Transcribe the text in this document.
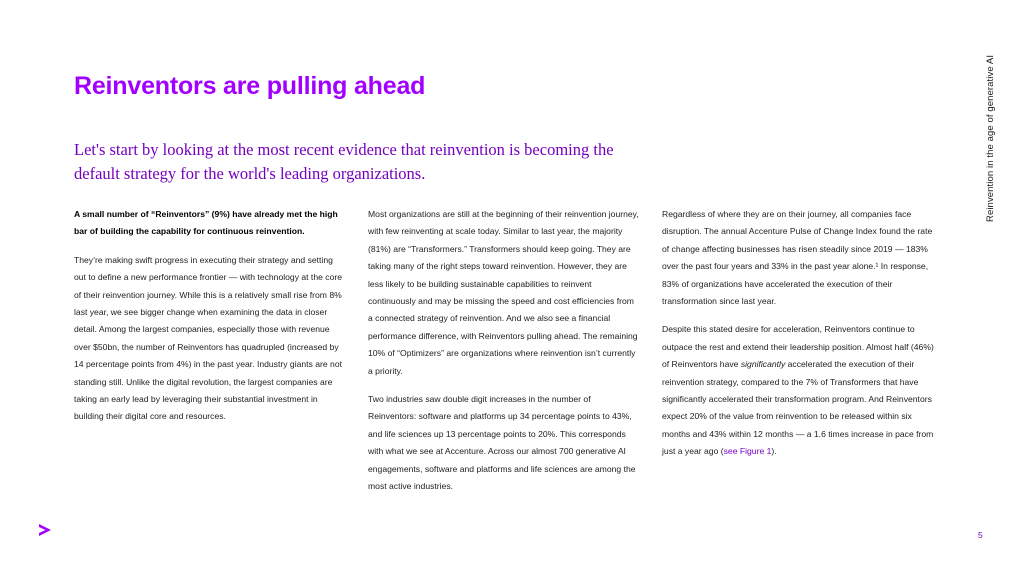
Reinventors are pulling ahead

Let's start by looking at the most recent evidence that reinvention is becoming the default strategy for the world's leading organizations.

A small number of “Reinventors” (9%) have already met the high bar of building the capability for continuous reinvention.

They’re making swift progress in executing their strategy and setting out to define a new performance frontier — with technology at the core of their reinvention journey. While this is a relatively small rise from 8% last year, we see bigger change when examining the data in closer detail. Among the largest companies, especially those with revenue over $50bn, the number of Reinventors has quadrupled (increased by 14 percentage points from 4%) in the past year. Industry giants are not standing still. Unlike the digital revolution, the largest companies are taking an early lead by leveraging their substantial investment in building their digital core and resources.

Most organizations are still at the beginning of their reinvention journey, with few reinventing at scale today. Similar to last year, the majority (81%) are “Transformers.” Transformers should keep going. They are taking many of the right steps toward reinvention. However, they are less likely to be building sustainable capabilities to reinvent continuously and may be missing the speed and cost efficiencies from a connected strategy of reinvention. And we also see a financial performance difference, with Reinventors pulling ahead. The remaining 10% of “Optimizers” are organizations where reinvention isn’t currently a priority.

Two industries saw double digit increases in the number of Reinventors: software and platforms up 34 percentage points to 43%, and life sciences up 13 percentage points to 20%. This corresponds with what we see at Accenture. Across our almost 700 generative AI engagements, software and platforms and life sciences are among the most active industries.

Regardless of where they are on their journey, all companies face disruption. The annual Accenture Pulse of Change Index found the rate of change affecting businesses has risen steadily since 2019 — 183% over the past four years and 33% in the past year alone.¹ In response, 83% of organizations have accelerated the execution of their transformation since last year.

Despite this stated desire for acceleration, Reinventors continue to outpace the rest and extend their leadership position. Almost half (46%) of Reinventors have significantly accelerated the execution of their reinvention strategy, compared to the 7% of Transformers that have significantly accelerated their transformation program. And Reinventors expect 20% of the value from reinvention to be released within six months and 43% within 12 months — a 1.6 times increase in pace from just a year ago (see Figure 1).

Reinvention in the age of generative AI
5
